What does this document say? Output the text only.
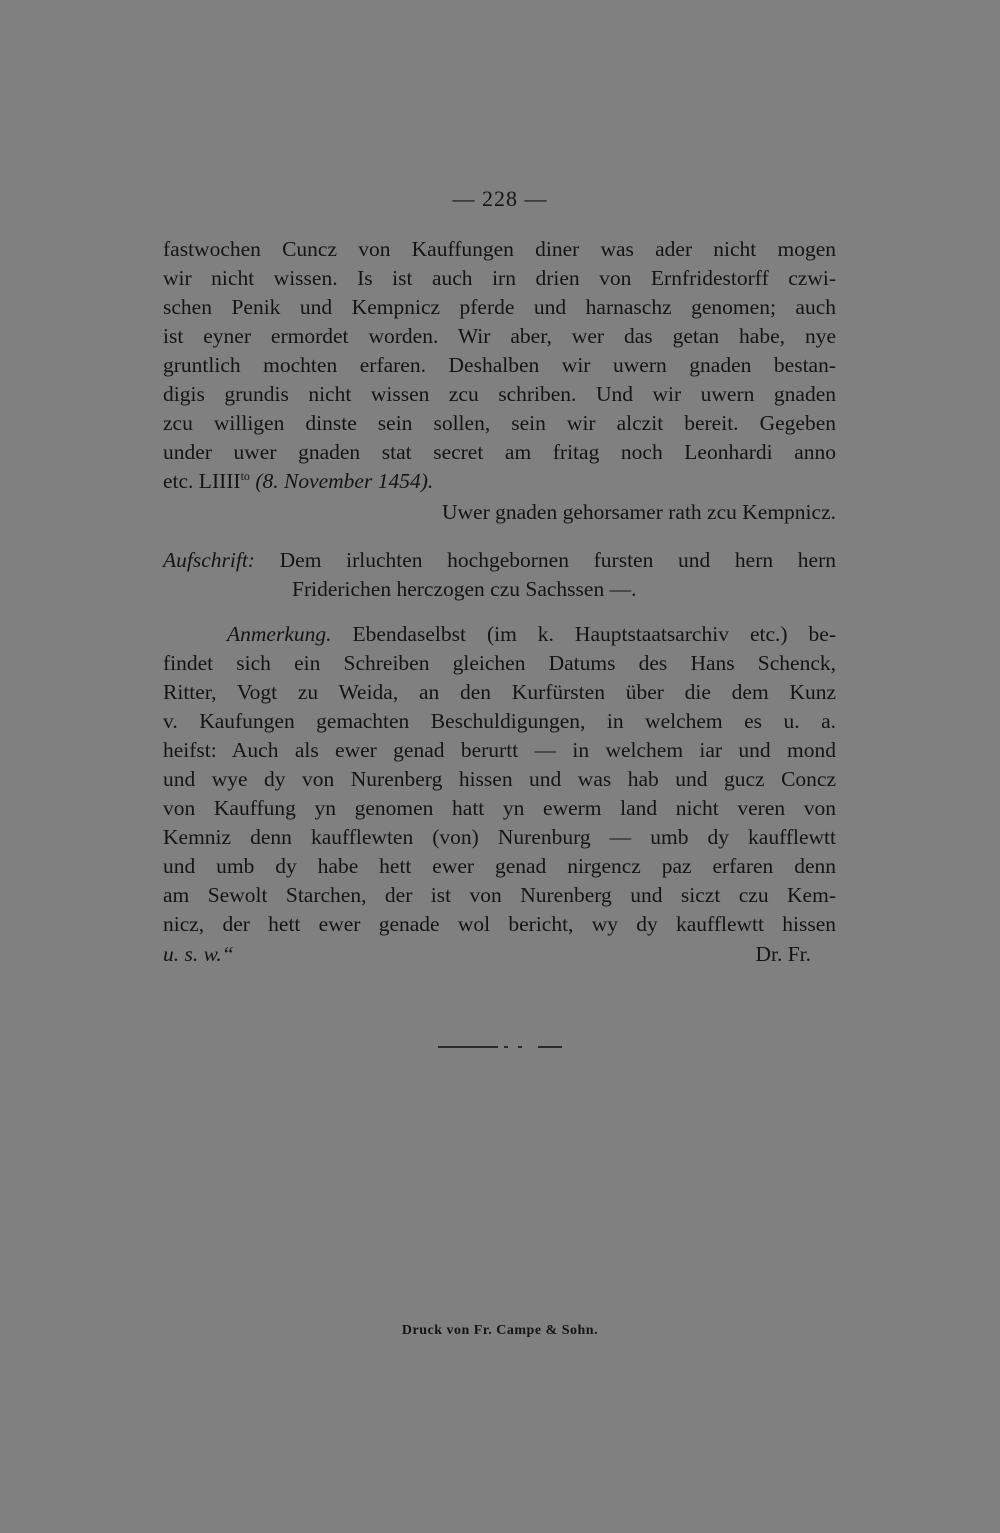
— 228 —
fastwochen Cuncz von Kauffungen diner was ader nicht mogen
wir nicht wissen. Is ist auch irn drien von Ernfridestorff czwi-
schen Penik und Kempnicz pferde und harnaschz genomen; auch
ist eyner ermordet worden. Wir aber, wer das getan habe, nye
gruntlich mochten erfaren. Deshalben wir uwern gnaden bestan-
digis grundis nicht wissen zcu schriben. Und wir uwern gnaden
zcu willigen dinste sein sollen, sein wir alczit bereit. Gegeben
under uwer gnaden stat secret am fritag noch Leonhardi anno
etc. $LIIII^{to}$ (8. November 1454).
Uwer gnaden gehorsamer rath zcu Kempnicz.
Aufschrift: Dem irluchten hochgebornen fursten und hern hern
Friderichen herczogen czu Sachssen —.
Anmerkung. Ebendaselbst (im k. Hauptstaatsarchiv etc.) be-
findet sich ein Schreiben gleichen Datums des Hans Schenck,
Ritter, Vogt zu Weida, an den Kurfürsten über die dem Kunz
v. Kaufungen gemachten Beschuldigungen, in welchem es u. a.
heifst: Auch als ewer genad berurtt — in welchem iar und mond
und wye dy von Nurenberg hissen und was hab und gucz Concz
von Kauffung yn genomen hatt yn ewerm land nicht veren von
Kemniz denn kaufflewten (von) Nurenburg — umb dy kaufflewtt
und umb dy habe hett ewer genad nirgencz paz erfaren denn
am Sewolt Starchen, der ist von Nurenberg und siczt czu Kem-
nicz, der hett ewer genade wol bericht, wy dy kaufflewtt hissen
u. s. w.“	Dr. Fr.
Druck von Fr. Campe & Sohn.
